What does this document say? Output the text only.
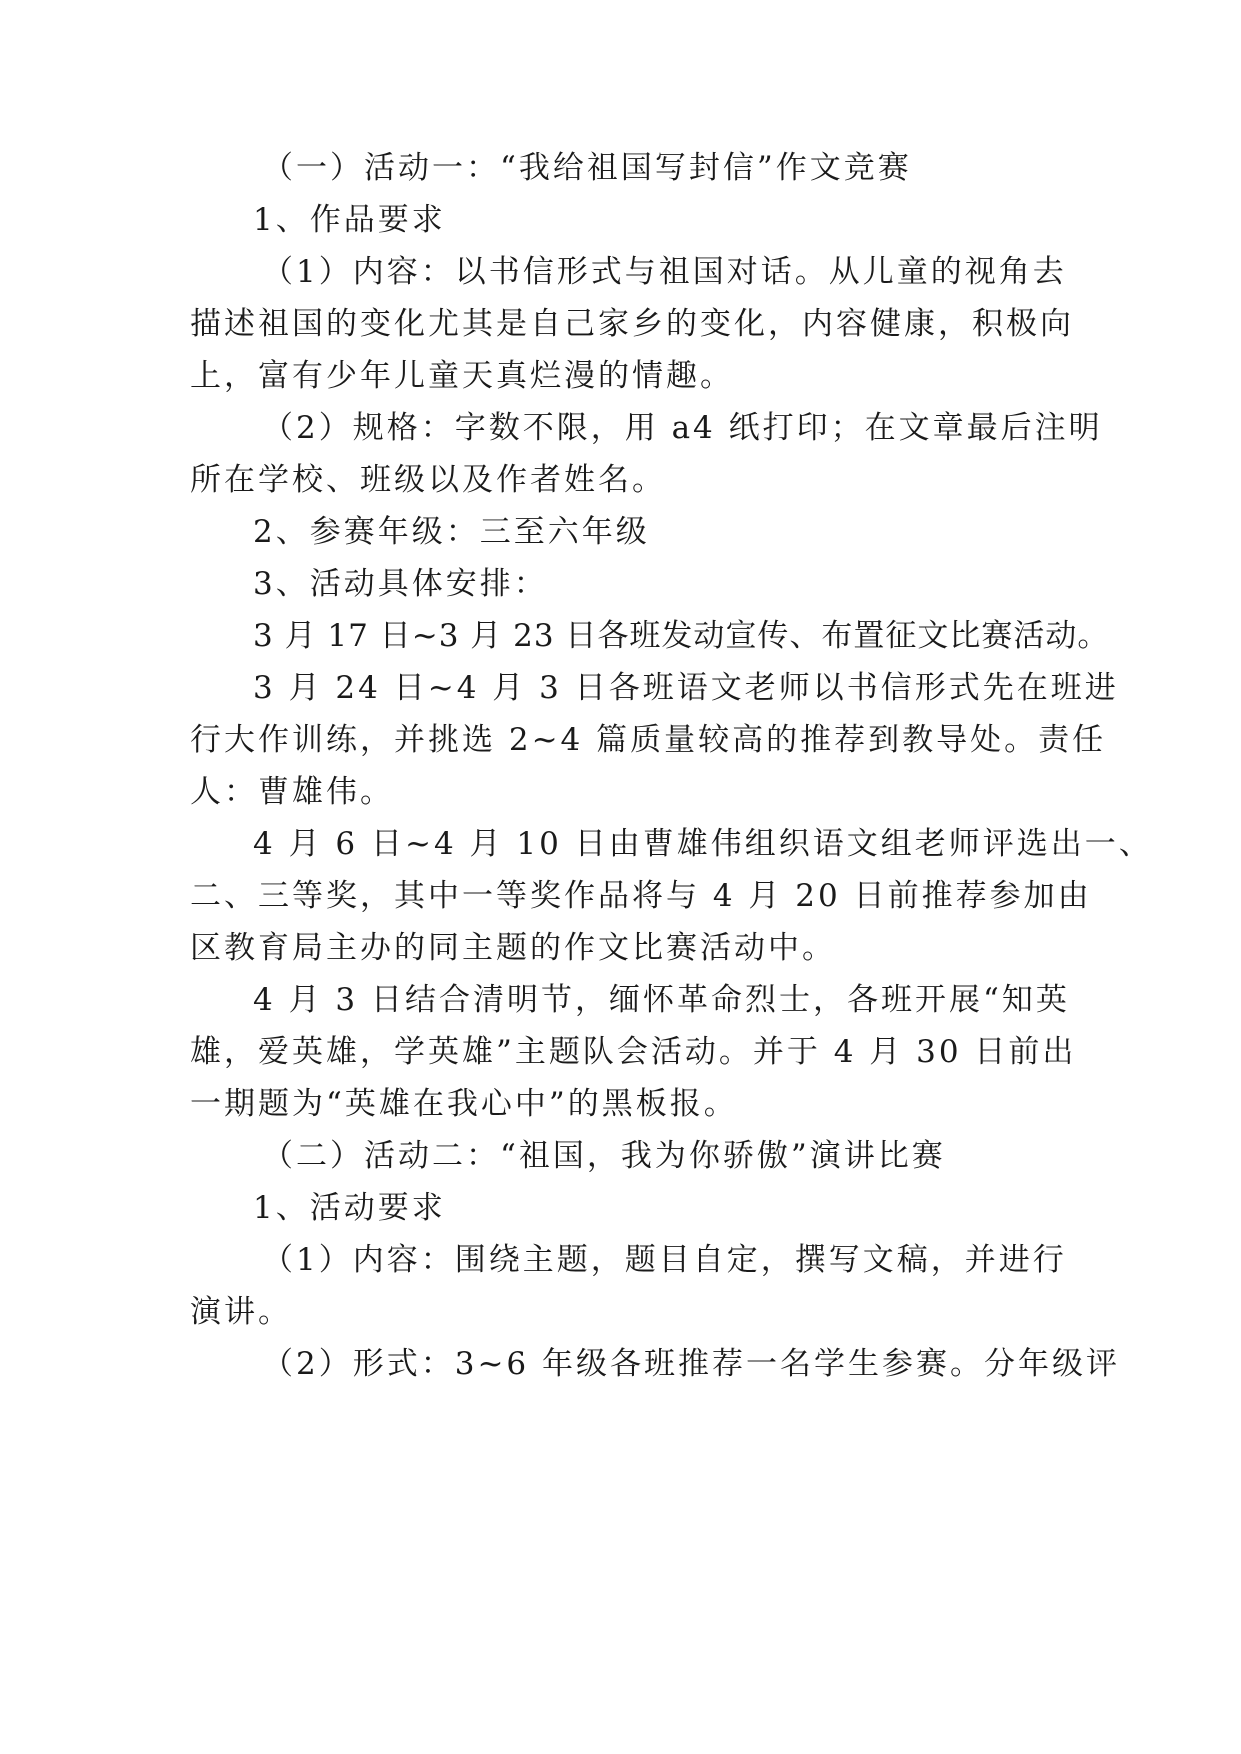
（一）活动一：“我给祖国写封信”作文竞赛
1、作品要求
（1）内容：以书信形式与祖国对话。从儿童的视角去
描述祖国的变化尤其是自己家乡的变化，内容健康，积极向
上，富有少年儿童天真烂漫的情趣。
（2）规格：字数不限，用 a4 纸打印；在文章最后注明
所在学校、班级以及作者姓名。
2、参赛年级：三至六年级
3、活动具体安排：
3 月 17 日~3 月 23 日各班发动宣传、布置征文比赛活动。
3 月 24 日~4 月 3 日各班语文老师以书信形式先在班进
行大作训练，并挑选 2~4 篇质量较高的推荐到教导处。责任
人：曹雄伟。
4 月 6 日~4 月 10 日由曹雄伟组织语文组老师评选出一、
二、三等奖，其中一等奖作品将与 4 月 20 日前推荐参加由
区教育局主办的同主题的作文比赛活动中。
4 月 3 日结合清明节，缅怀革命烈士，各班开展“知英
雄，爱英雄，学英雄”主题队会活动。并于 4 月 30 日前出
一期题为“英雄在我心中”的黑板报。
（二）活动二：“祖国，我为你骄傲”演讲比赛
1、活动要求
（1）内容：围绕主题，题目自定，撰写文稿，并进行
演讲。
（2）形式：3~6 年级各班推荐一名学生参赛。分年级评
